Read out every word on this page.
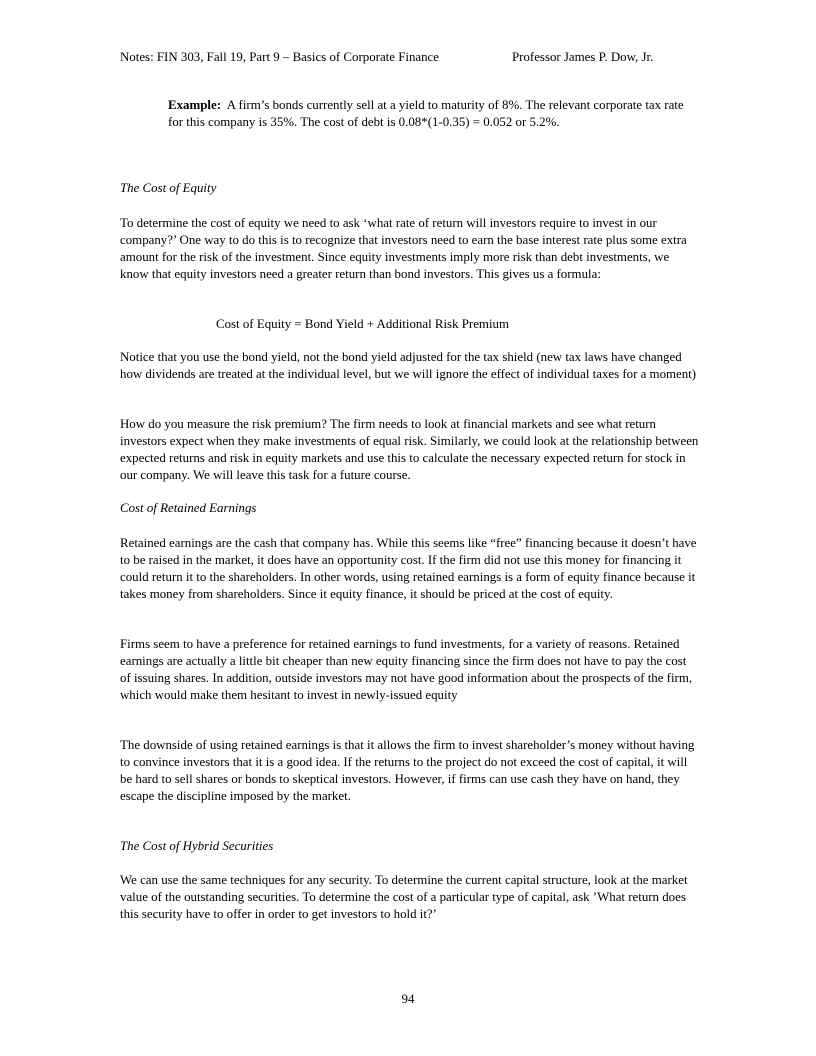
Notes: FIN 303, Fall 19, Part 9 – Basics of Corporate Finance	Professor James P. Dow, Jr.

Example: A firm’s bonds currently sell at a yield to maturity of 8%. The relevant corporate tax rate for this company is 35%. The cost of debt is 0.08*(1-0.35) = 0.052 or 5.2%.

The Cost of Equity

To determine the cost of equity we need to ask ‘what rate of return will investors require to invest in our company?’ One way to do this is to recognize that investors need to earn the base interest rate plus some extra amount for the risk of the investment. Since equity investments imply more risk than debt investments, we know that equity investors need a greater return than bond investors. This gives us a formula:

Cost of Equity = Bond Yield + Additional Risk Premium

Notice that you use the bond yield, not the bond yield adjusted for the tax shield (new tax laws have changed how dividends are treated at the individual level, but we will ignore the effect of individual taxes for a moment)

How do you measure the risk premium? The firm needs to look at financial markets and see what return investors expect when they make investments of equal risk. Similarly, we could look at the relationship between expected returns and risk in equity markets and use this to calculate the necessary expected return for stock in our company. We will leave this task for a future course.

Cost of Retained Earnings

Retained earnings are the cash that company has. While this seems like “free” financing because it doesn’t have to be raised in the market, it does have an opportunity cost. If the firm did not use this money for financing it could return it to the shareholders. In other words, using retained earnings is a form of equity finance because it takes money from shareholders. Since it equity finance, it should be priced at the cost of equity.

Firms seem to have a preference for retained earnings to fund investments, for a variety of reasons. Retained earnings are actually a little bit cheaper than new equity financing since the firm does not have to pay the cost of issuing shares. In addition, outside investors may not have good information about the prospects of the firm, which would make them hesitant to invest in newly-issued equity

The downside of using retained earnings is that it allows the firm to invest shareholder’s money without having to convince investors that it is a good idea. If the returns to the project do not exceed the cost of capital, it will be hard to sell shares or bonds to skeptical investors. However, if firms can use cash they have on hand, they escape the discipline imposed by the market.

The Cost of Hybrid Securities

We can use the same techniques for any security. To determine the current capital structure, look at the market value of the outstanding securities. To determine the cost of a particular type of capital, ask ’What return does this security have to offer in order to get investors to hold it?’

94
